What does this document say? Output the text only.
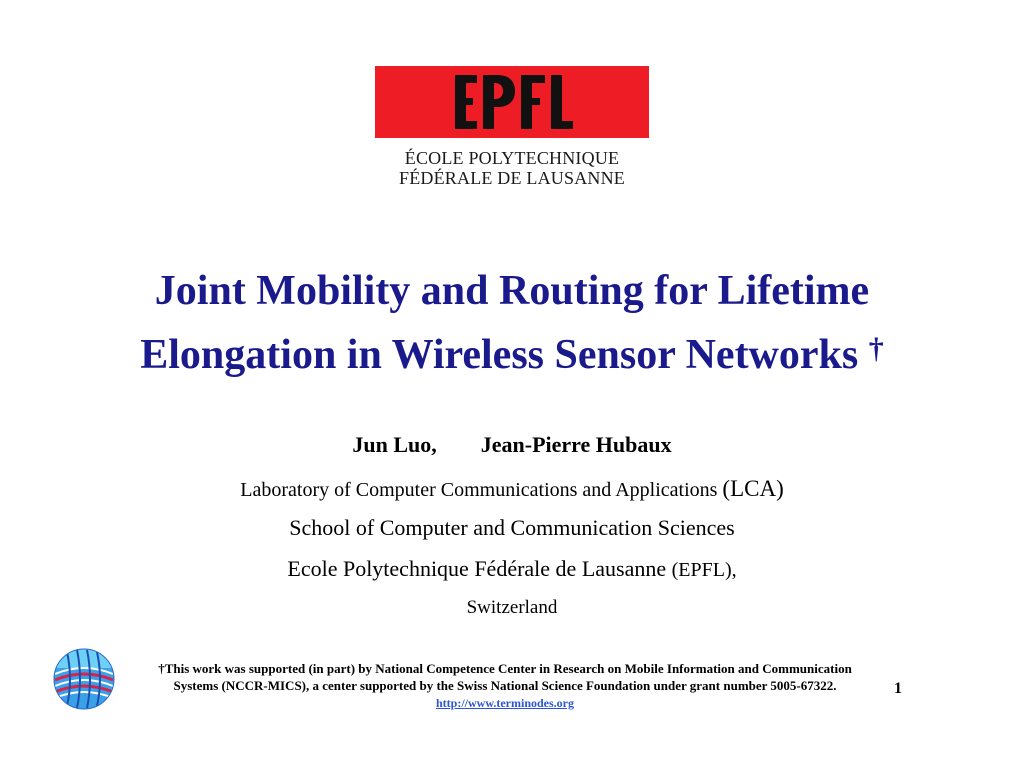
ÉCOLE POLYTECHNIQUE
FÉDÉRALE DE LAUSANNE
Joint Mobility and Routing for Lifetime
Elongation in Wireless Sensor Networks †
Jun Luo, Jean-Pierre Hubaux
Laboratory of Computer Communications and Applications (LCA)
School of Computer and Communication Sciences
Ecole Polytechnique Fédérale de Lausanne (EPFL),
Switzerland
†This work was supported (in part) by National Competence Center in Research on Mobile Information and Communication
Systems (NCCR-MICS), a center supported by the Swiss National Science Foundation under grant number 5005-67322.
http://www.terminodes.org
1
